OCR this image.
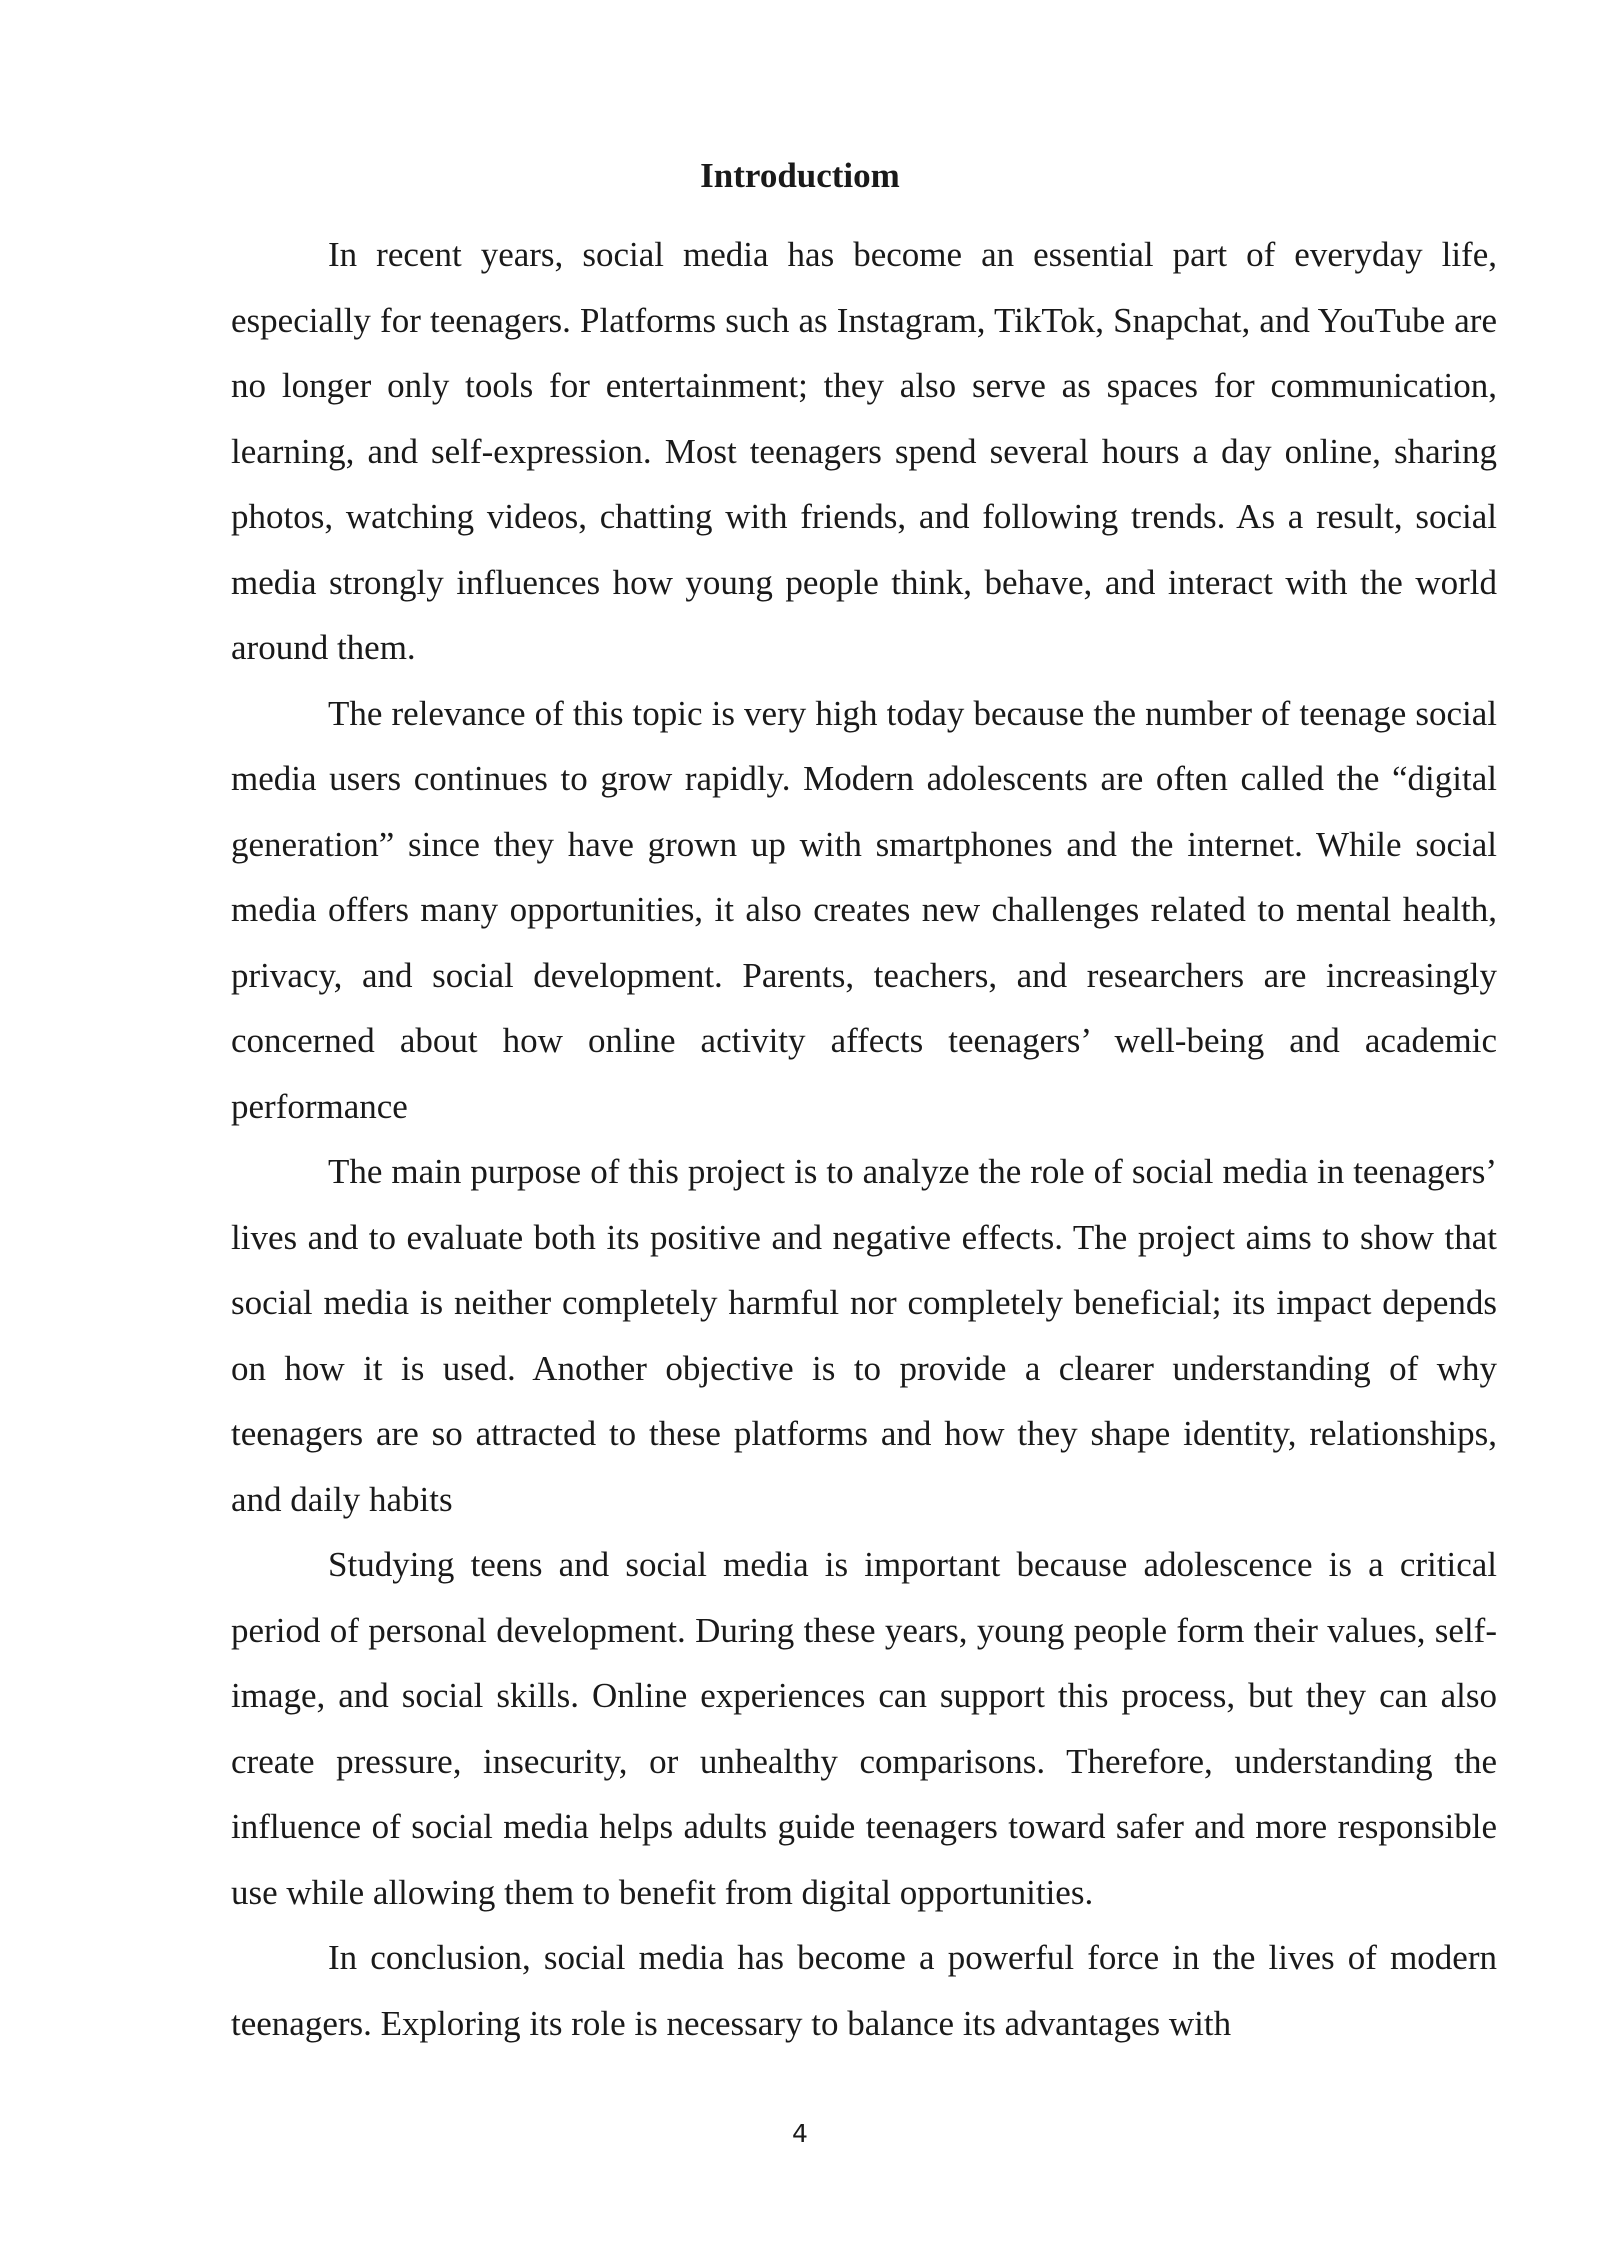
Introductiom

In recent years, social media has become an essential part of everyday life, especially for teenagers. Platforms such as Instagram, TikTok, Snapchat, and YouTube are no longer only tools for entertainment; they also serve as spaces for communication, learning, and self-expression. Most teenagers spend several hours a day online, sharing photos, watching videos, chatting with friends, and following trends. As a result, social media strongly influences how young people think, behave, and interact with the world around them.

The relevance of this topic is very high today because the number of teenage social media users continues to grow rapidly. Modern adolescents are often called the “digital generation” since they have grown up with smartphones and the internet. While social media offers many opportunities, it also creates new challenges related to mental health, privacy, and social development. Parents, teachers, and researchers are increasingly concerned about how online activity affects teenagers’ well-being and academic performance

The main purpose of this project is to analyze the role of social media in teenagers’ lives and to evaluate both its positive and negative effects. The project aims to show that social media is neither completely harmful nor completely beneficial; its impact depends on how it is used. Another objective is to provide a clearer understanding of why teenagers are so attracted to these platforms and how they shape identity, relationships, and daily habits

Studying teens and social media is important because adolescence is a critical period of personal development. During these years, young people form their values, self-image, and social skills. Online experiences can support this process, but they can also create pressure, insecurity, or unhealthy comparisons. Therefore, understanding the influence of social media helps adults guide teenagers toward safer and more responsible use while allowing them to benefit from digital opportunities.

In conclusion, social media has become a powerful force in the lives of modern teenagers. Exploring its role is necessary to balance its advantages with

4
